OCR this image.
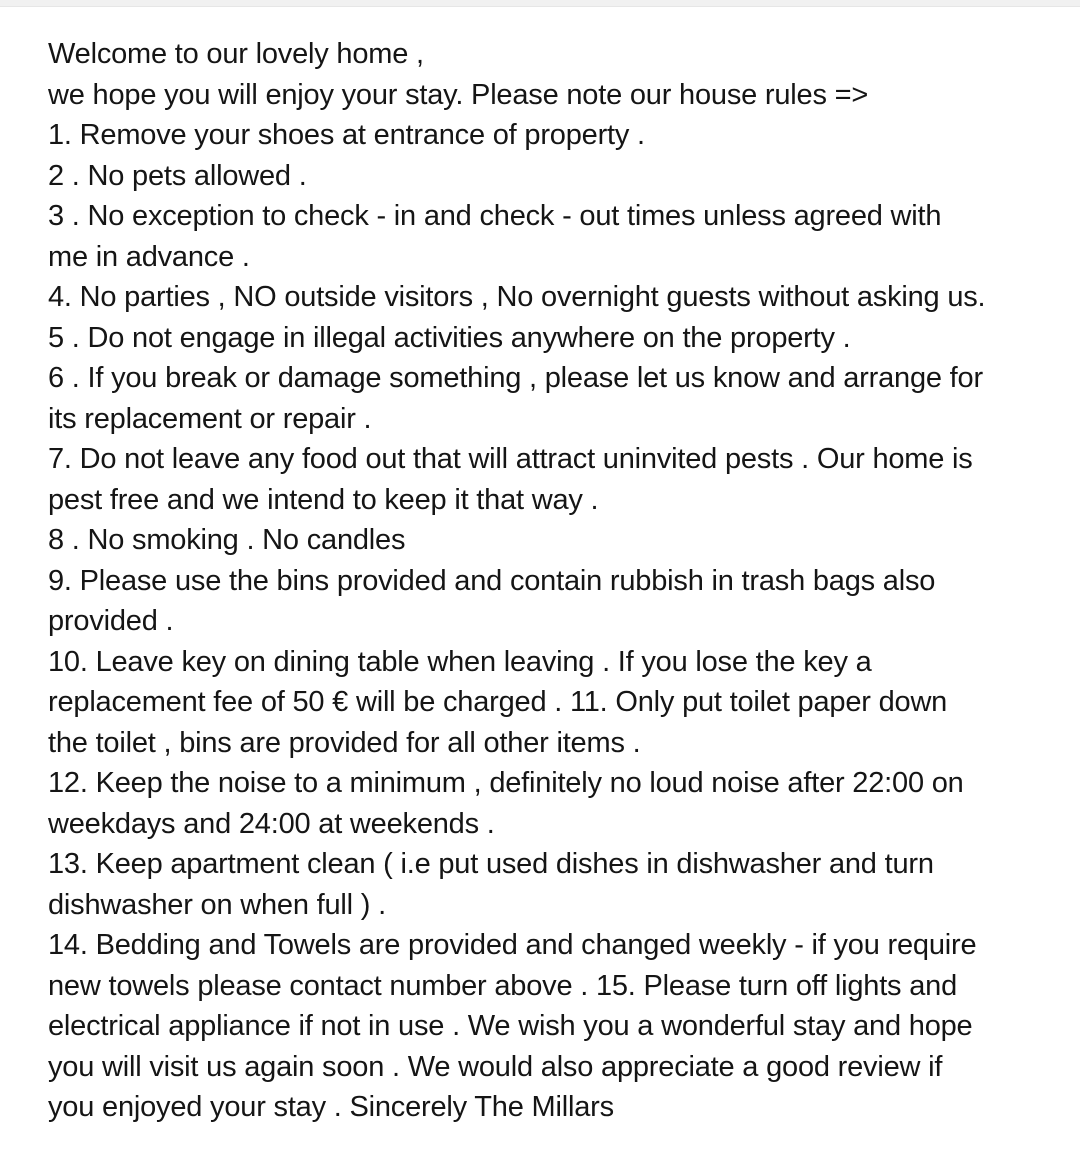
Welcome to our lovely home ,
we hope you will enjoy your stay. Please note our house rules =>
1. Remove your shoes at entrance of property .
2 . No pets allowed .
3 . No exception to check - in and check - out times unless agreed with
me in advance .
4. No parties , NO outside visitors , No overnight guests without asking us.
5 . Do not engage in illegal activities anywhere on the property .
6 . If you break or damage something , please let us know and arrange for
its replacement or repair .
7. Do not leave any food out that will attract uninvited pests . Our home is
pest free and we intend to keep it that way .
8 . No smoking . No candles
9. Please use the bins provided and contain rubbish in trash bags also
provided .
10. Leave key on dining table when leaving . If you lose the key a
replacement fee of 50 € will be charged . 11. Only put toilet paper down
the toilet , bins are provided for all other items .
12. Keep the noise to a minimum , definitely no loud noise after 22:00 on
weekdays and 24:00 at weekends .
13. Keep apartment clean ( i.e put used dishes in dishwasher and turn
dishwasher on when full ) .
14. Bedding and Towels are provided and changed weekly - if you require
new towels please contact number above . 15. Please turn off lights and
electrical appliance if not in use . We wish you a wonderful stay and hope
you will visit us again soon . We would also appreciate a good review if
you enjoyed your stay . Sincerely The Millars
